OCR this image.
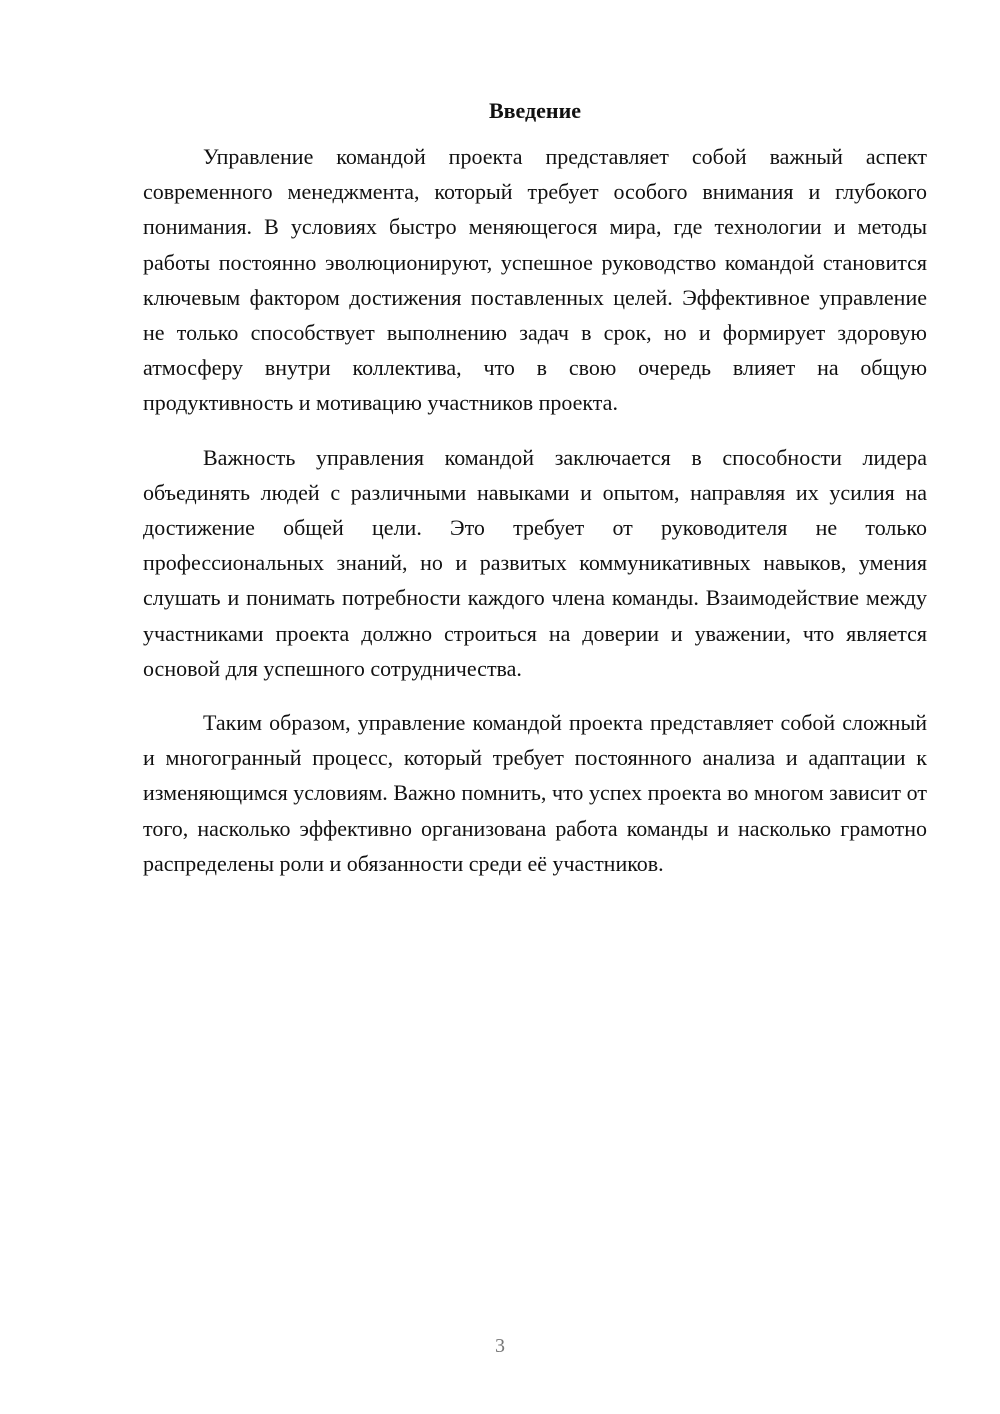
Введение

Управление командой проекта представляет собой важный аспект современного менеджмента, который требует особого внимания и глубокого понимания. В условиях быстро меняющегося мира, где технологии и методы работы постоянно эволюционируют, успешное руководство командой становится ключевым фактором достижения поставленных целей. Эффективное управление не только способствует выполнению задач в срок, но и формирует здоровую атмосферу внутри коллектива, что в свою очередь влияет на общую продуктивность и мотивацию участников проекта.

Важность управления командой заключается в способности лидера объединять людей с различными навыками и опытом, направляя их усилия на достижение общей цели. Это требует от руководителя не только профессиональных знаний, но и развитых коммуникативных навыков, умения слушать и понимать потребности каждого члена команды. Взаимодействие между участниками проекта должно строиться на доверии и уважении, что является основой для успешного сотрудничества.

Таким образом, управление командой проекта представляет собой сложный и многогранный процесс, который требует постоянного анализа и адаптации к изменяющимся условиям. Важно помнить, что успех проекта во многом зависит от того, насколько эффективно организована работа команды и насколько грамотно распределены роли и обязанности среди её участников.

3
